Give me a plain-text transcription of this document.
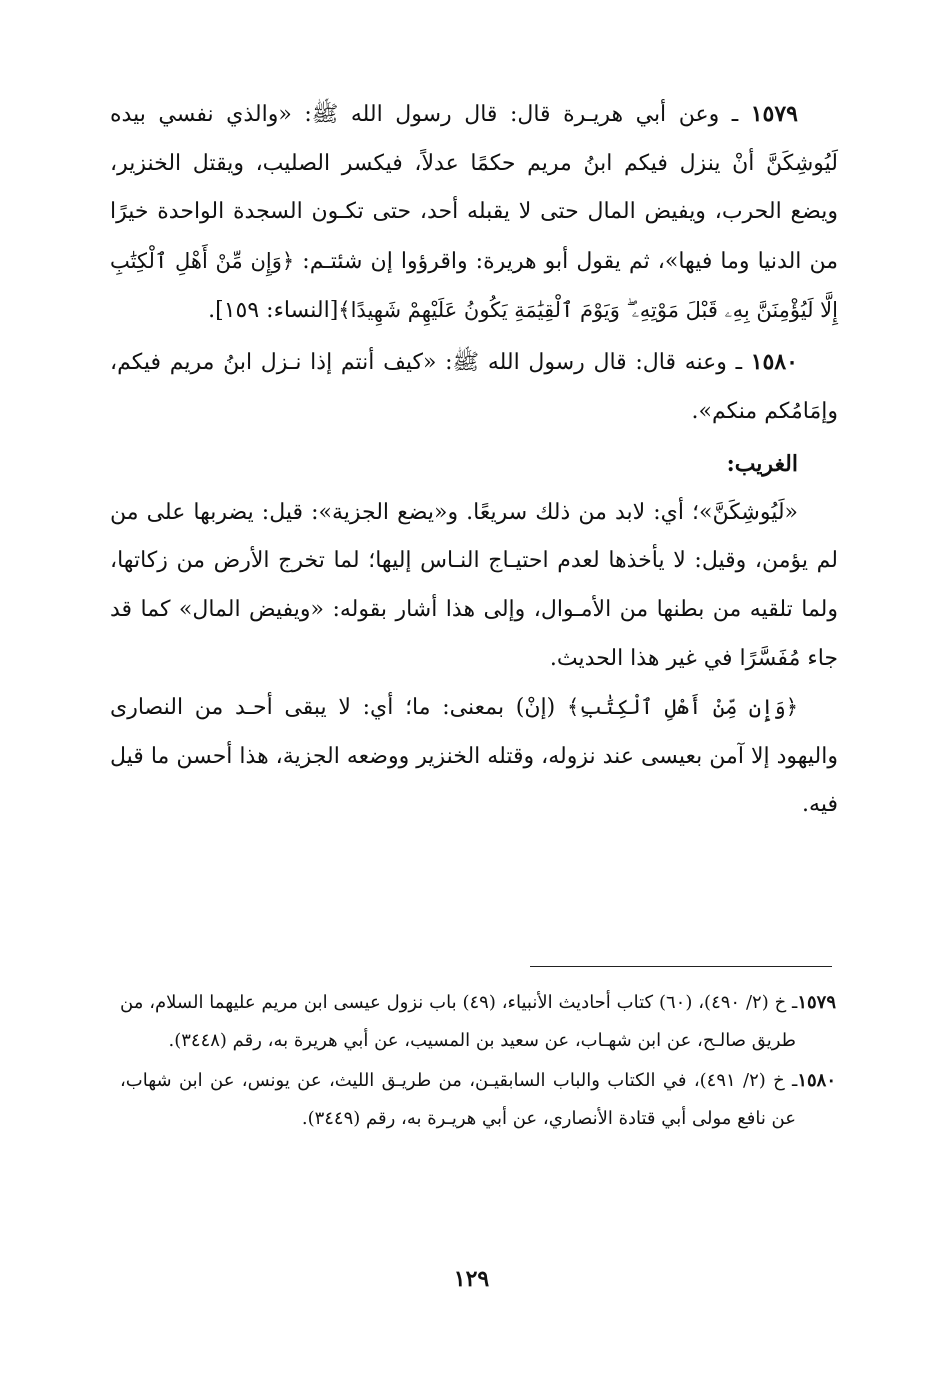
١٥٧٩ ـ وعن أبي هريـرة قال: قال رسول الله ﷺ: «والذي نفسي بيده لَيُوشِكَنَّ أنْ ينزل فيكم ابنُ مريم حكمًا عدلاً، فيكسر الصليب، ويقتل الخنزير، ويضع الحرب، ويفيض المال حتى لا يقبله أحد، حتى تكـون السجدة الواحدة خيرًا من الدنيا وما فيها»، ثم يقول أبو هريرة: واقرؤوا إن شئتـم: ﴿وَإِن مِّنْ أَهْلِ ٱلْكِتَٰبِ إِلَّا لَيُؤْمِنَنَّ بِهِۦ قَبْلَ مَوْتِهِۦ ۖ وَيَوْمَ ٱلْقِيَٰمَةِ يَكُونُ عَلَيْهِمْ شَهِيدًا﴾[النساء: ١٥٩].

١٥٨٠ ـ وعنه قال: قال رسول الله ﷺ: «كيف أنتم إذا نـزل ابنُ مريم فيكم، وإمَامُكم منكم».

الغريب:

«لَيُوشِكَنَّ»؛ أي: لابد من ذلك سريعًا. و«يضع الجزية»: قيل: يضربها على من لم يؤمن، وقيل: لا يأخذها لعدم احتيـاج النـاس إليها؛ لما تخرج الأرض من زكاتها، ولما تلقيه من بطنها من الأمـوال، وإلى هذا أشار بقوله: «ويفيض المال» كما قد جاء مُفَسَّرًا في غير هذا الحديث.

﴿وَإِن مِّنْ أَهْلِ ٱلْكِتَٰبِ﴾ (إنْ) بمعنى: ما؛ أي: لا يبقى أحـد من النصارى واليهود إلا آمن بعيسى عند نزوله، وقتله الخنزير ووضعه الجزية، هذا أحسن ما قيل فيه.

١٥٧٩ـ خ (٢/ ٤٩٠)، (٦٠) كتاب أحاديث الأنبياء، (٤٩) باب نزول عيسى ابن مريم عليهما السلام، من طريق صالـح، عن ابن شهـاب، عن سعيد بن المسيب، عن أبي هريرة به، رقم (٣٤٤٨).

١٥٨٠ـ خ (٢/ ٤٩١)، في الكتاب والباب السابقيـن، من طريـق الليث، عن يونس، عن ابن شهاب، عن نافع مولى أبي قتادة الأنصاري، عن أبي هريـرة به، رقم (٣٤٤٩).

١٢٩
